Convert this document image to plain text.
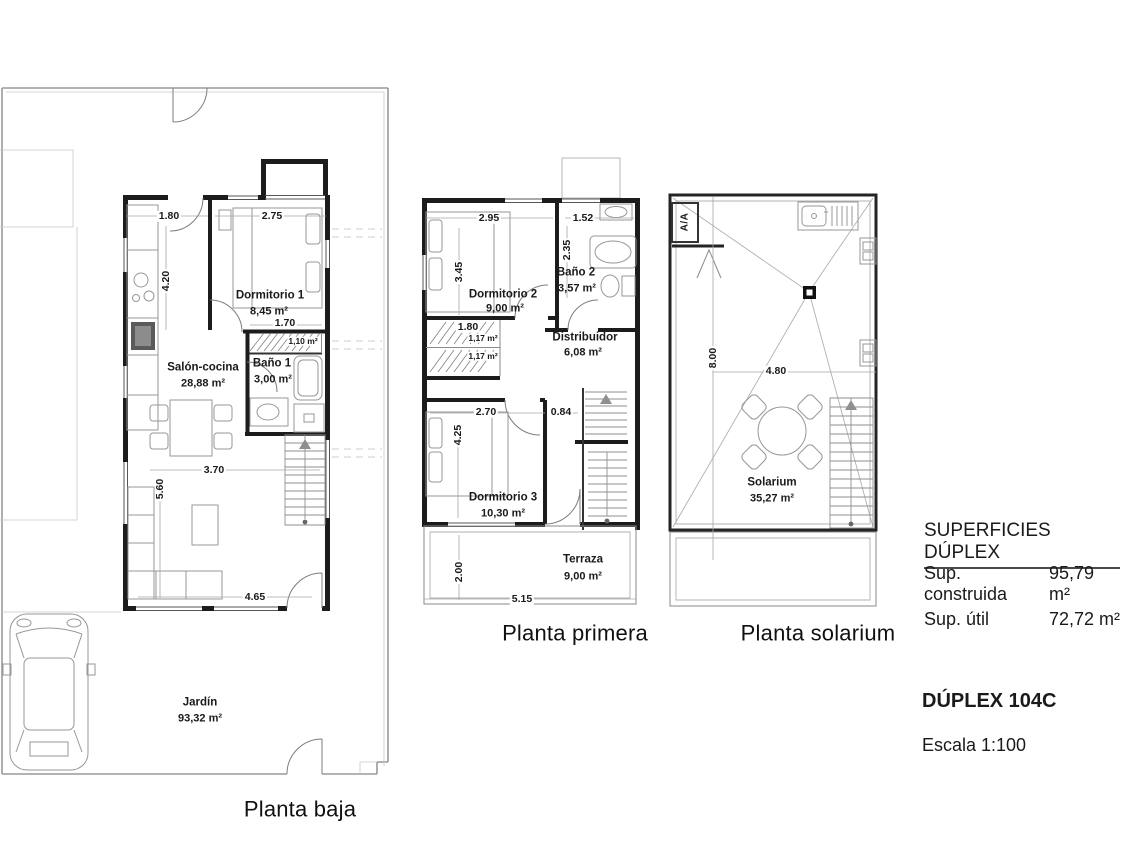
1.80	2.75
4.20
Dormitorio 1
8,45 m²
1.70
1,10 m²
Baño 1
3,00 m²
Salón-cocina
28,88 m²
3.70
5.60
4.65
Jardín
93,32 m²
Planta baja
2.95	1.52
3.45
2.35
Baño 2
3,57 m²
Dormitorio 2
9,00 m²
1.80
1,17 m²
1,17 m²
Distribuidor
6,08 m²
2.70	0.84
4.25
Dormitorio 3
10,30 m²
Terraza
9,00 m²
2.00
5.15
Planta primera
A/A
8.00
4.80
Solarium
35,27 m²
Planta solarium
SUPERFICIES DÚPLEX
Sup. construida
95,79 m²
Sup. útil	72,72 m²
DÚPLEX 104C
Escala 1:100
